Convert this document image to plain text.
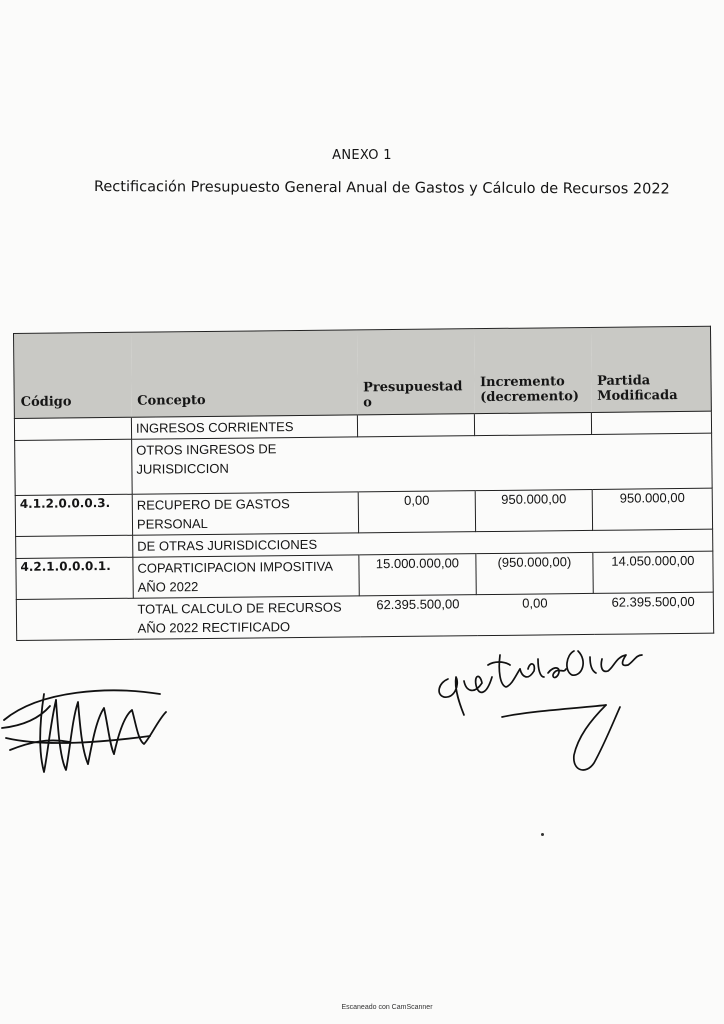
ANEXO 1
Rectificación Presupuesto General Anual de Gastos y Cálculo de Recursos 2022
Código	Concepto	Presupuestad o	Incremento (decremento)	Partida Modificada
	INGRESOS CORRIENTES			
	OTROS INGRESOS DE JURISDICCION			
4.1.2.0.0.0.3.	RECUPERO DE GASTOS PERSONAL	0,00	950.000,00	950.000,00
	DE OTRAS JURISDICCIONES			
4.2.1.0.0.0.1.	COPARTICIPACION IMPOSITIVA AÑO 2022	15.000.000,00	(950.000,00)	14.050.000,00
	TOTAL CALCULO DE RECURSOS AÑO 2022 RECTIFICADO	62.395.500,00	0,00	62.395.500,00
Escaneado con CamScanner
